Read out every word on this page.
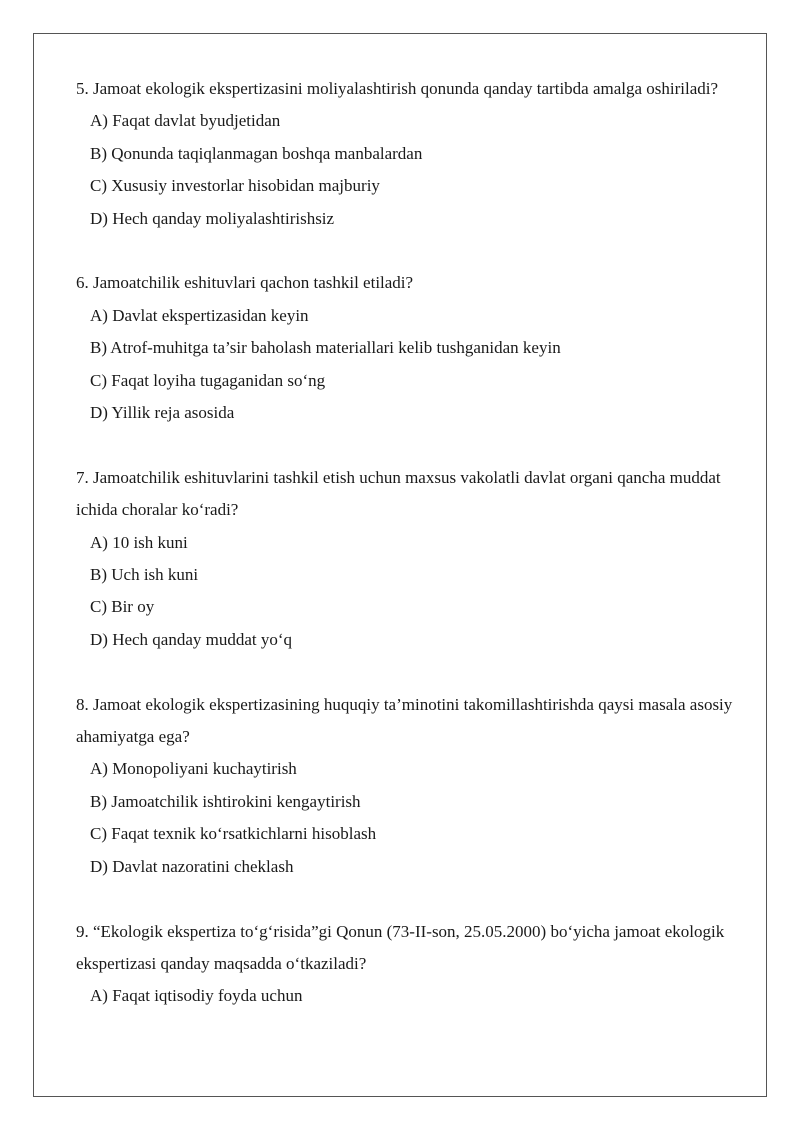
5. Jamoat ekologik ekspertizasini moliyalashtirish qonunda qanday tartibda amalga oshiriladi?

A) Faqat davlat byudjetidan

B) Qonunda taqiqlanmagan boshqa manbalardan

C) Xususiy investorlar hisobidan majburiy

D) Hech qanday moliyalashtirishsiz

6. Jamoatchilik eshituvlari qachon tashkil etiladi?

A) Davlat ekspertizasidan keyin

B) Atrof-muhitga ta’sir baholash materiallari kelib tushganidan keyin

C) Faqat loyiha tugaganidan so‘ng

D) Yillik reja asosida

7. Jamoatchilik eshituvlarini tashkil etish uchun maxsus vakolatli davlat organi qancha muddat ichida choralar ko‘radi?

A) 10 ish kuni

B) Uch ish kuni

C) Bir oy

D) Hech qanday muddat yo‘q

8. Jamoat ekologik ekspertizasining huquqiy ta’minotini takomillashtirishda qaysi masala asosiy ahamiyatga ega?

A) Monopoliyani kuchaytirish

B) Jamoatchilik ishtirokini kengaytirish

C) Faqat texnik ko‘rsatkichlarni hisoblash

D) Davlat nazoratini cheklash

9. “Ekologik ekspertiza to‘g‘risida”gi Qonun (73-II-son, 25.05.2000) bo‘yicha jamoat ekologik ekspertizasi qanday maqsadda o‘tkaziladi?

A) Faqat iqtisodiy foyda uchun
